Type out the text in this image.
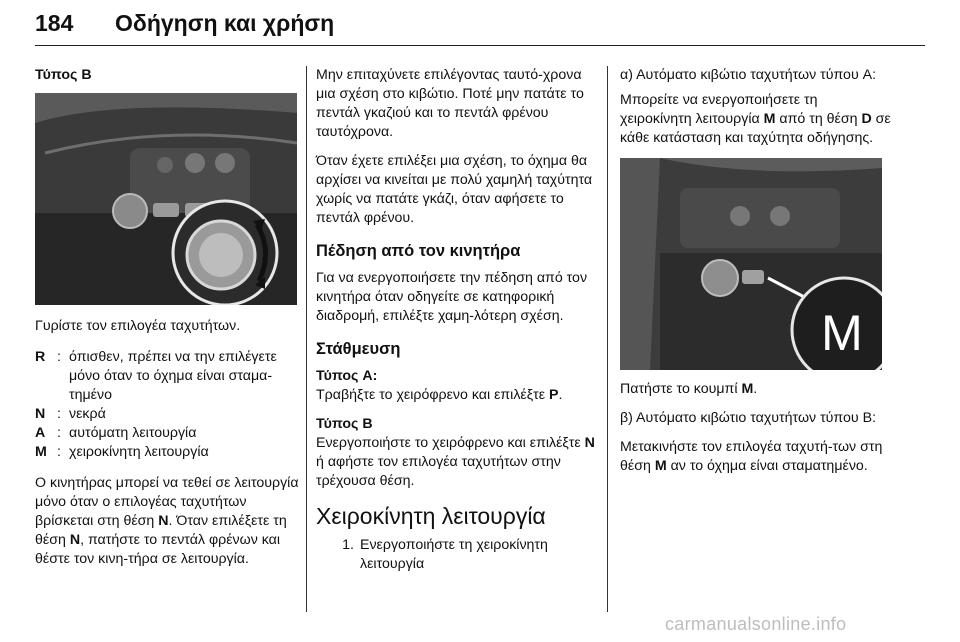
184 Οδήγηση και χρήση
Τύπος B

Γυρίστε τον επιλογέα ταχυτήτων.

R : όπισθεν, πρέπει να την επιλέγετε μόνο όταν το όχημα είναι σταμα-τημένο
N : νεκρά
A : αυτόματη λειτουργία
M : χειροκίνητη λειτουργία

Ο κινητήρας μπορεί να τεθεί σε λειτουργία μόνο όταν ο επιλογέας ταχυτήτων βρίσκεται στη θέση N. Όταν επιλέξετε τη θέση N, πατήστε το πεντάλ φρένων και θέστε τον κινη-τήρα σε λειτουργία.

Μην επιταχύνετε επιλέγοντας ταυτό-χρονα μια σχέση στο κιβώτιο. Ποτέ μην πατάτε το πεντάλ γκαζιού και το πεντάλ φρένου ταυτόχρονα.

Όταν έχετε επιλέξει μια σχέση, το όχημα θα αρχίσει να κινείται με πολύ χαμηλή ταχύτητα χωρίς να πατάτε γκάζι, όταν αφήσετε το πεντάλ φρένου.

Πέδηση από τον κινητήρα

Για να ενεργοποιήσετε την πέδηση από τον κινητήρα όταν οδηγείτε σε κατηφορική διαδρομή, επιλέξτε χαμη-λότερη σχέση.

Στάθμευση
Τύπος A:

Τραβήξτε το χειρόφρενο και επιλέξτε P.

Τύπος B

Ενεργοποιήστε το χειρόφρενο και επιλέξτε N ή αφήστε τον επιλογέα ταχυτήτων στην τρέχουσα θέση.

Χειροκίνητη λειτουργία
1. Ενεργοποιήστε τη χειροκίνητη λειτουργία

α) Αυτόματο κιβώτιο ταχυτήτων τύπου A:

Μπορείτε να ενεργοποιήσετε τη χειροκίνητη λειτουργία M από τη θέση D σε κάθε κατάσταση και ταχύτητα οδήγησης.

M

Πατήστε το κουμπί M.

β) Αυτόματο κιβώτιο ταχυτήτων τύπου B:

Μετακινήστε τον επιλογέα ταχυτή-των στη θέση M αν το όχημα είναι σταματημένο.

carmanualsonline.info
